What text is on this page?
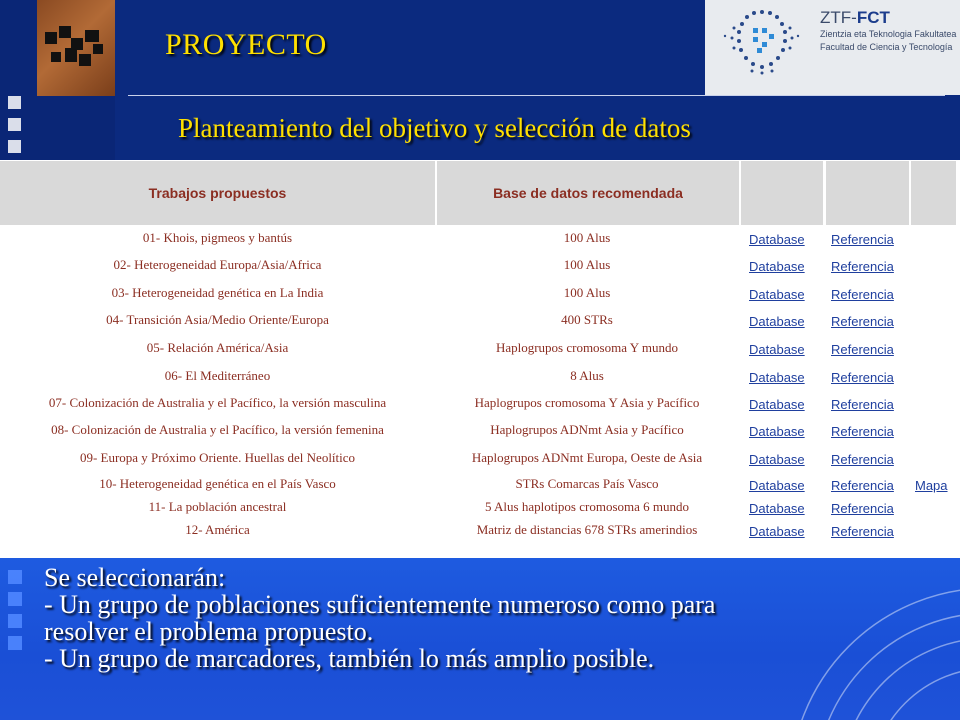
PROYECTO
Planteamiento del objetivo y selección de datos
ZTF-FCT
Zientzia eta Teknologia Fakultatea
Facultad de Ciencia y Tecnología
Trabajos propuestos	Base de datos recomendada
01- Khois, pigmeos y bantús	100 Alus	Database Referencia
02- Heterogeneidad Europa/Asia/Africa	100 Alus	Database Referencia
03- Heterogeneidad genética en La India	100 Alus	Database Referencia
04- Transición Asia/Medio Oriente/Europa	400 STRs	Database Referencia
05- Relación América/Asia	Haplogrupos cromosoma Y mundo	Database Referencia
06- El Mediterráneo	8 Alus	Database Referencia
07- Colonización de Australia y el Pacífico, la versión masculina	Haplogrupos cromosoma Y Asia y Pacífico	Database Referencia
08- Colonización de Australia y el Pacífico, la versión femenina	Haplogrupos ADNmt Asia y Pacífico	Database Referencia
09- Europa y Próximo Oriente. Huellas del Neolítico	Haplogrupos ADNmt Europa, Oeste de Asia	Database Referencia
10- Heterogeneidad genética en el País Vasco	STRs Comarcas País Vasco	Database Referencia Mapa
11- La población ancestral	5 Alus haplotipos cromosoma 6 mundo	Database Referencia
12- América	Matriz de distancias 678 STRs amerindios	Database Referencia
Se seleccionarán:
- Un grupo de poblaciones suficientemente numeroso como para
resolver el problema propuesto.
- Un grupo de marcadores, también lo más amplio posible.
